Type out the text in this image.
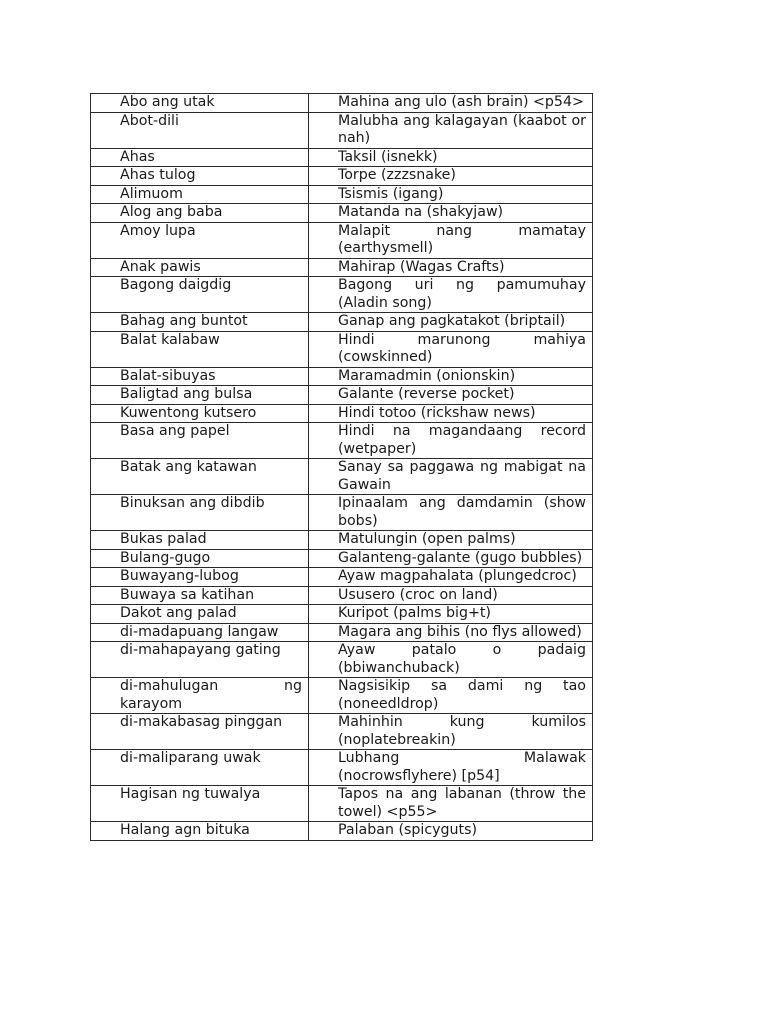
Abo ang utak	Mahina ang ulo (ash brain) <p54>
Abot-dili	Malubha ang kalagayan (kaabot or nah)
Ahas	Taksil (isnekk)
Ahas tulog	Torpe (zzzsnake)
Alimuom	Tsismis (igang)
Alog ang baba	Matanda na (shakyjaw)
Amoy lupa	Malapit nang mamatay (earthysmell)
Anak pawis	Mahirap (Wagas Crafts)
Bagong daigdig	Bagong uri ng pamumuhay (Aladin song)
Bahag ang buntot	Ganap ang pagkatakot (briptail)
Balat kalabaw	Hindi marunong mahiya (cowskinned)
Balat-sibuyas	Maramadmin (onionskin)
Baligtad ang bulsa	Galante (reverse pocket)
Kuwentong kutsero	Hindi totoo (rickshaw news)
Basa ang papel	Hindi na magandaang record (wetpaper)
Batak ang katawan	Sanay sa paggawa ng mabigat na Gawain
Binuksan ang dibdib	Ipinaalam ang damdamin (show bobs)
Bukas palad	Matulungin (open palms)
Bulang-gugo	Galanteng-galante (gugo bubbles)
Buwayang-lubog	Ayaw magpahalata (plungedcroc)
Buwaya sa katihan	Ususero (croc on land)
Dakot ang palad	Kuripot (palms big+t)
di-madapuang langaw	Magara ang bihis (no flys allowed)
di-mahapayang gating	Ayaw patalo o padaig (bbiwanchuback)
di-mahulugan ng karayom	Nagsisikip sa dami ng tao (noneedldrop)
di-makabasag pinggan	Mahinhin kung kumilos (noplatebreakin)
di-maliparang uwak	Lubhang Malawak (nocrowsflyhere) [p54]
Hagisan ng tuwalya	Tapos na ang labanan (throw the towel) <p55>
Halang agn bituka	Palaban (spicyguts)
